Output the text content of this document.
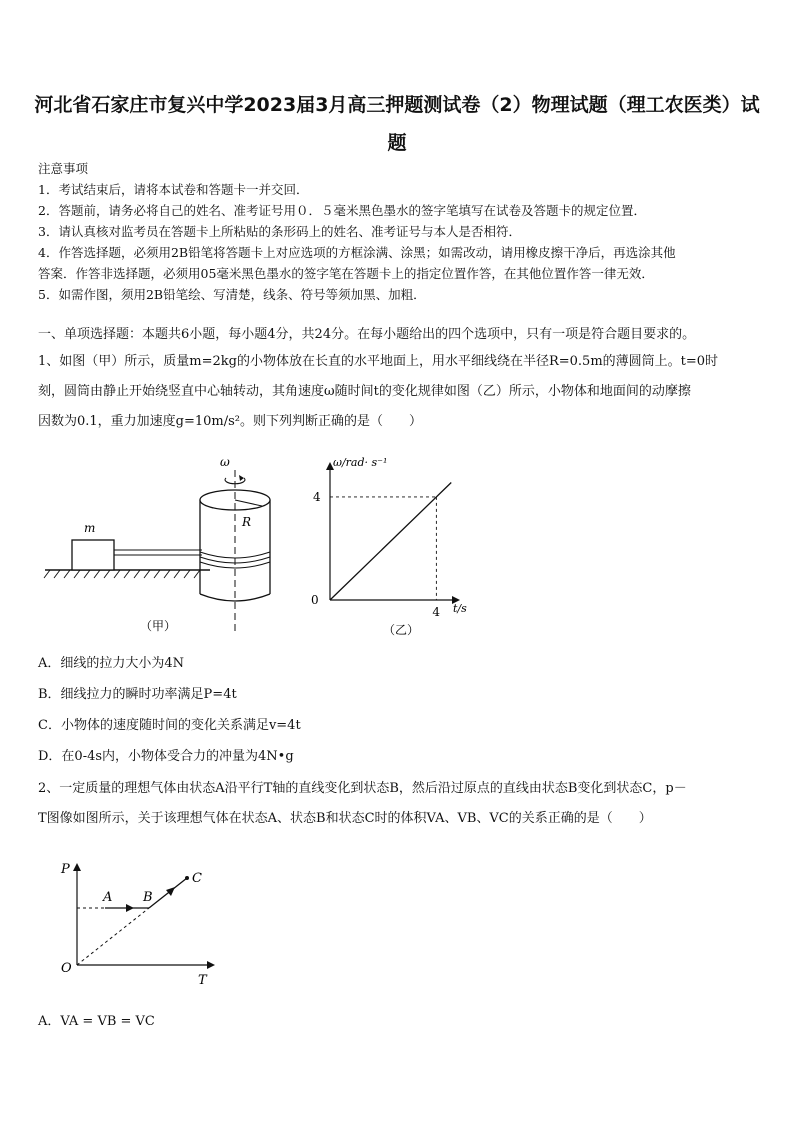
河北省石家庄市复兴中学2023届3月高三押题测试卷（2）物理试题（理工农医类）试
题
注意事项
1．考试结束后，请将本试卷和答题卡一并交回．
2．答题前，请务必将自己的姓名、准考证号用０．５毫米黑色墨水的签字笔填写在试卷及答题卡的规定位置．
3．请认真核对监考员在答题卡上所粘贴的条形码上的姓名、准考证号与本人是否相符．
4．作答选择题，必须用2B铅笔将答题卡上对应选项的方框涂满、涂黑；如需改动，请用橡皮擦干净后，再选涂其他
答案．作答非选择题，必须用05毫米黑色墨水的签字笔在答题卡上的指定位置作答，在其他位置作答一律无效．
5．如需作图，须用2B铅笔绘、写清楚，线条、符号等须加黑、加粗．
一、单项选择题：本题共6小题，每小题4分，共24分。在每小题给出的四个选项中，只有一项是符合题目要求的。
1、如图（甲）所示，质量m=2kg的小物体放在长直的水平地面上，用水平细线绕在半径R=0.5m的薄圆筒上。t=0时
刻，圆筒由静止开始绕竖直中心轴转动，其角速度ω随时间t的变化规律如图（乙）所示，小物体和地面间的动摩擦
因数为0.1，重力加速度g=10m/s²。则下列判断正确的是（　　）
m	R
ω
（甲）
ω/rad· s⁻¹
t/s
0
4
4
（乙）
A．细线的拉力大小为4N
B．细线拉力的瞬时功率满足P=4t
C．小物体的速度随时间的变化关系满足v=4t
D．在0-4s内，小物体受合力的冲量为4N•g
2、一定质量的理想气体由状态A沿平行T轴的直线变化到状态B，然后沿过原点的直线由状态B变化到状态C，p－
T图像如图所示，关于该理想气体在状态A、状态B和状态C时的体积VA、VB、VC的关系正确的是（　　）
P
T
O
A B
C
A．VA = VB = VC
